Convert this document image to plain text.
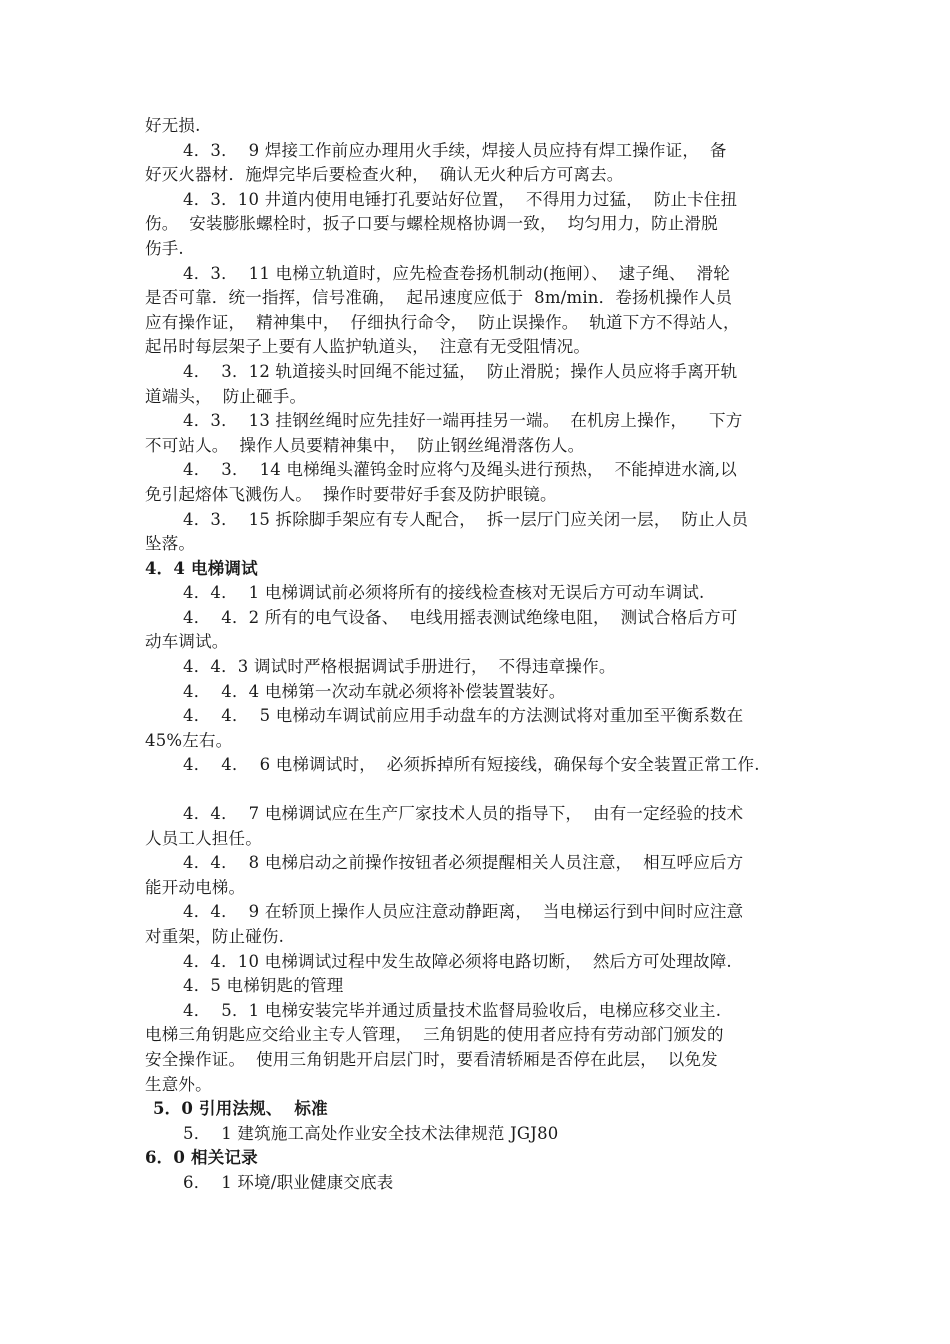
好无损.
4．3．  9 焊接工作前应办理用火手续，焊接人员应持有焊工操作证，  备
好灭火器材．施焊完毕后要检查火种，  确认无火种后方可离去。
4．3．10 井道内使用电锤打孔要站好位置，  不得用力过猛，  防止卡住扭
伤。  安装膨胀螺栓时，扳子口要与螺栓规格协调一致，  均匀用力，防止滑脱
伤手.
4．3．  11 电梯立轨道时，应先检查卷扬机制动(拖闸）、  逮子绳、  滑轮
是否可靠．统一指挥，信号准确，  起吊速度应低于  8m/min．卷扬机操作人员
应有操作证，  精神集中，  仔细执行命令，  防止误操作。  轨道下方不得站人，
起吊时每层架子上要有人监护轨道头，  注意有无受阻情况。
4．  3．12 轨道接头时回绳不能过猛，  防止滑脱；操作人员应将手离开轨
道端头，  防止砸手。
4．3．  13 挂钢丝绳时应先挂好一端再挂另一端。  在机房上操作，    下方
不可站人。  操作人员要精神集中，  防止钢丝绳滑落伤人。
4．  3．  14 电梯绳头灌钨金时应将勺及绳头进行预热，  不能掉进水滴,以
免引起熔体飞溅伤人。  操作时要带好手套及防护眼镜。
4．3．  15 拆除脚手架应有专人配合，  拆一层厅门应关闭一层，  防止人员
坠落。
4．4 电梯调试
4．4．  1 电梯调试前必须将所有的接线检查核对无误后方可动车调试.
4．  4．2 所有的电气设备、  电线用摇表测试绝缘电阻，  测试合格后方可
动车调试。
4．4．3 调试时严格根据调试手册进行，  不得违章操作。
4．  4．4 电梯第一次动车就必须将补偿装置装好。
4．  4．  5 电梯动车调试前应用手动盘车的方法测试将对重加至平衡系数在
45%左右。
4．  4．  6 电梯调试时，  必须拆掉所有短接线，确保每个安全装置正常工作.
4．4．  7 电梯调试应在生产厂家技术人员的指导下，  由有一定经验的技术
人员工人担任。
4．4．  8 电梯启动之前操作按钮者必须提醒相关人员注意，  相互呼应后方
能开动电梯。
4．4．  9 在轿顶上操作人员应注意动静距离，  当电梯运行到中间时应注意
对重架，防止碰伤.
4．4．10 电梯调试过程中发生故障必须将电路切断，  然后方可处理故障.
4．5 电梯钥匙的管理
4．  5．1 电梯安装完毕并通过质量技术监督局验收后，电梯应移交业主.
电梯三角钥匙应交给业主专人管理，  三角钥匙的使用者应持有劳动部门颁发的
安全操作证。  使用三角钥匙开启层门时，要看清轿厢是否停在此层，  以免发
生意外。
5．0 引用法规、  标准
5．  1 建筑施工高处作业安全技术法律规范 JGJ80
6．0 相关记录
6．  1 环境/职业健康交底表
